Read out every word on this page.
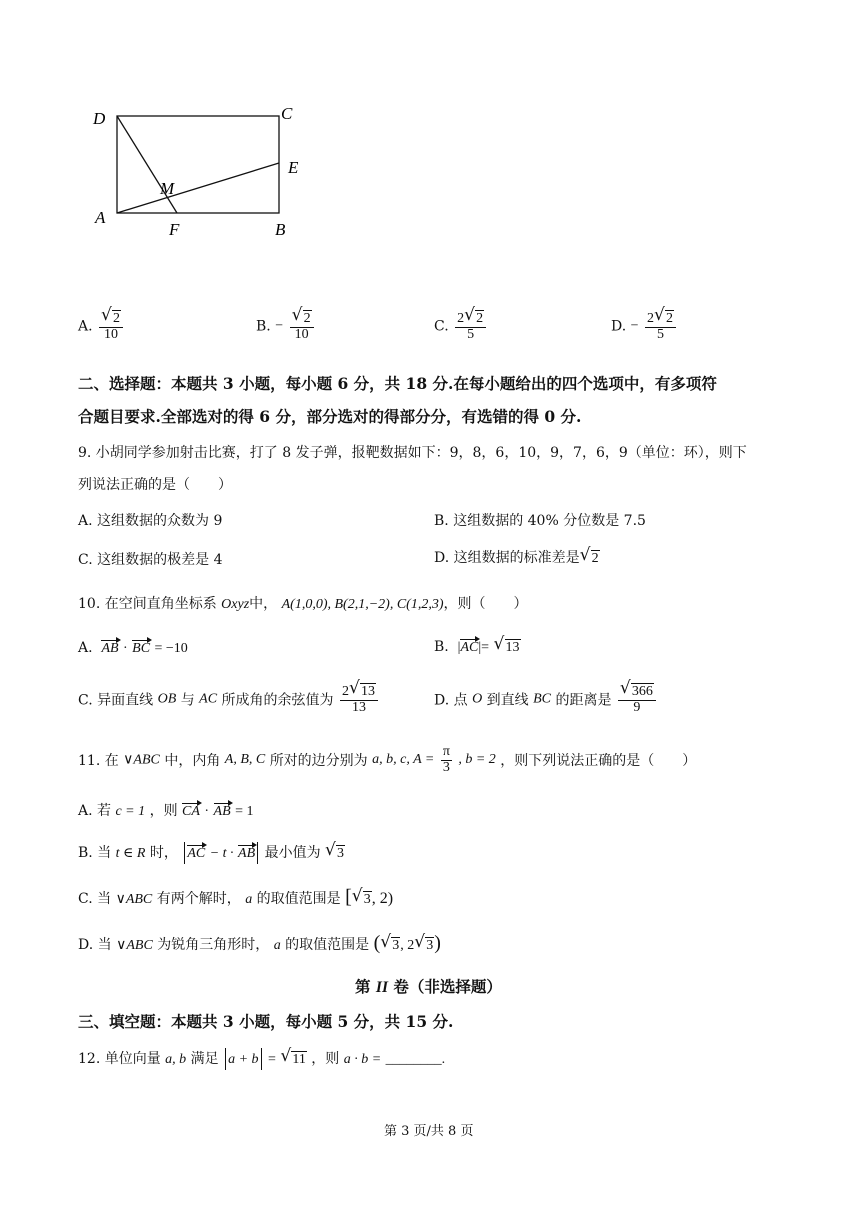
D	C
E
M
A
F	B
A. $\frac{√ 2}{10}$	B. − $\frac{√ 2}{10}$	C. $\frac{2 √ 2}{5}$	D. − $\frac{2 √ 2}{5}$
二、选择题：本题共 3 小题，每小题 6 分，共 18 分.在每小题给出的四个选项中，有多项符
合题目要求.全部选对的得 6 分，部分选对的得部分分，有选错的得 0 分.
9. 小胡同学参加射击比赛，打了 8 发子弹，报靶数据如下：9，8，6，10，9，7，6，9（单位：环），则下
列说法正确的是（　　）
A. 这组数据的众数为 9	B. 这组数据的 40% 分位数是 7.5
C. 这组数据的极差是 4	D. 这组数据的标准差是 √ 2
10. 在空间直角坐标系 Oxyz中， A(1,0,0), B(2,1,−2), C(1,2,3)，则（　　）
A. AB · BC = −10	B. |AC|= √ 13
C. 异面直线 OB 与 AC 所成角的余弦值为 $\frac{2 √ 13}{13}$	D. 点 O 到直线 BC 的距离是 $\frac{√ 366}{9}$
11. 在 ∨ABC 中，内角 A, B, C 所对的边分别为 a, b, c, $A = \frac{\pi}{3}$ , b = 2 ，则下列说法正确的是（　　）
A. 若 c = 1 ，则 CA · AB = 1
B. 当 t ∈ R 时， AC − t · AB 最小值为 √ 3
C. 当 ∨ABC 有两个解时， a 的取值范围是 [ √ 3, 2)
D. 当 ∨ABC 为锐角三角形时， a 的取值范围是 ( √ 3, 2 √ 3)
第 II 卷（非选择题）
三、填空题：本题共 3 小题，每小题 5 分，共 15 分.
12. 单位向量 a, b 满足 a + b = √ 11 ，则 a · b = ________.
第 3 页/共 8 页
